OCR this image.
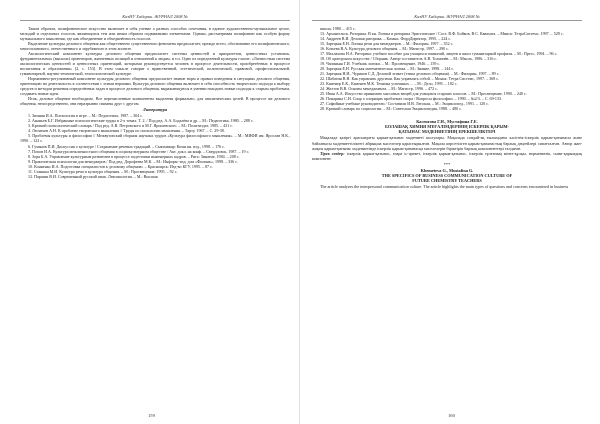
КазНУ Хабарни. ЖУРНАЛ 2008 №

Таким образом, полифоническое искусство включает в себя учение о разных способах сочетания, в единое художественно-музыкальное целое, мелодий и отдельных голосов, являющихся тем или иным образом подвижными элементами. Однако, рассматривая полифонию как особую форму музыкального мышления, где как объединение и объединённость голосов.

Выделение культуры делового общения как общественно существенного феномена предполагает, прежде всего, обоснование его полифонического, многопланового, отечественного и зарубежного в этом аспекте.

Аксиологический компонент культуры делового общения предполагает системы ценностей и приоритетов, ценностных установок, фундаментальных (высших) ориентиров, жизненных позиций и отношений к людям, и т.п. Одно из определений культуры гласит: «Личностная система аксиологических ценностей и ценностных ориентаций, которыми руководствуется человек в процессе деятельности, приобретённых в процессе воспитания и образования» [2, с. 153]. В этом смысле говорят о нравственной, эстетической, политической, правовой, профессиональной, гуманитарной, научно-технической, технологической культуре.

Нормативно-регулятивный компонент культуры делового общения предполагает знание норм и правил поведения в ситуациях делового общения, ориентацию на деятельность в соответствии с этими нормами. Культура делового общения включает в себя способность творческого подхода к выбору средств и методов решения определённых задач в процессе делового общения, выражающуюся в умении находить новые подходы к старым проблемам, создавать новые идеи.

Итак, деловое общение необходимо. Все перечисленные компоненты выделены формально, для аналитических целей. В процессе же делового общения, непосредственно, они неразрывно связаны друг с другом.

Литература

1. Зимняя И.А. Психология в игре. – М.: Педагогика, 1987. – 304 с.

2. Ананьев Б.Г. Избранные психологические труды в 2-х томах. Т. 2. / Под ред. А.А. Бодалёва и др. – М.: Педагогика, 1980. – 288 с.

3. Краткий психологический словарь / Под ред. А.В. Петровского и М.Г. Ярошевского. – М.: Политиздат, 1985. – 431 с.

4. Леонтьев А.Н. К проблеме творческого мышления // Труды по психологии мышления. – Тарту, 1967. – С. 29-38.

5. Проблемы культуры и философии // Межвузовский сборник научных трудов «Культура философского мышления». – М.: МИФИ им. Ярослав Н.К., 1990. – 122 с.

6. Гуманов П.И. Дискуссия о культуре / Сохранение речевых традиций. – Сыктывкар: Коми кн. изд., 1998. – 176 с.

7. Попов И.А. Культура межличностного общения в социокультурном обществе / Акт. докл. на конф. – Свердловск, 1987. – 19 с.

8. Зоря Б.А. Управление культурным развитием в процессе подготовки инженерных кадров. – Рига: Зинатне, 1984. – 208 с.

9. Практическая психология для менеджеров / Под ред. Дорофеева М.К. – М.: Информ.-изд. дом «Филинъ», 1998. – 336 с.

10. Конненко И.А. Подготовка специалистов к деловому общению. – Красноярск: Изд-во КГУ, 1995. – 87 с.

11. Станкин М.И. Культура речи и культура общения. – М.: Просвещение, 1995. – 92 с.

12. Паршин В.И. Современный русский язык. Лексикология. – М.: Высшая

159
КазНУ Хабарни. ЖУРНАЛ 2008 №

школа, 1980. – 415 с.

13. Архангельск. Риторика. В кн. Логика и риторика Эристическое / Сост. В.Ф. Бойков, В.С. Кавахата. – Минск: ТетраСистемс, 1997. – 528 с.

14. Андреев В.И. Деловая риторика. – Казань: ФордДиректор, 1995. – 224 с.

15. Зарецкая Е.Н. Логика речи для менеджеров. – М.: Филорин, 1997. – 352 с.

16. Козьева В.А. Культура делового общения. – М.: Магистр, 1997. – 290 с.

17. Махлахова Н.А. Риторика: учебное пособие для учащихся гимназий, лицеев и школ гуманитарной профиля. – М.: Пресс, 1994. – 96 с.

18. Об ораторском искусстве / Сборник. Автор-составитель А.В. Толмачёв. – М.: Мысль, 1986. – 316 с.

19. Чапиньян Г.И. Учебник логики. – М.: Просвещение, 1946. – 159 с.

20. Зарецкая Е.Н. Русская математическая логика. – М.: Знание, 1998. – 144 с.

21. Зарецкая Н.И., Чуриков С.Д. Деловой этикет (этика делового общения). – М.: Филорин, 1997. – 89 с.

22. Шабатин В.Н. Как управлять другими. Как управлять собой. – Минск: Тетра Системс, 1997. – 368 с.

23. Каменер Е.К., Каменев М.К. Техника успешных ... – М.: Дело, 1995. – 182 с.

24. Желтов В.В. Основы менеджмента. – М.: Магистр, 1996. – 472 с.

25. Иван А.А. Искусство принимать массовых вещей для учащихся старших классов. – М.: Просвещение, 1990. – 240 с.

26. Понарина С.Н. Спор о спорящих проблемах спора / Вопросы философии. – 1990. – №2/3. – С. 69-133.

27. Софийные учебные руководители / Составили И.В. Лепская, – М.: Энциклопед., 1991. – 120 с.

28. Краткий словарь по социологии. – М.: Советская Энциклопедия, 1988. – 480 с.

Касенгова Г.Н., Мустафина Г.Е.
БОЛАШАҚ ХИМИЯ МҰҒАЛІМДЕРІНІҢ ІСКЕРЛІК ҚАРЫМ-
ҚАТЫНАС МӘДЕНИЕТІНІҢ ЕРЕКШЕЛІКТЕРІ

Мақалада қазіргі арасындағы қарым-қатынас мәдениеті шолулары. Мақалада сондай-ақ ғылымдағы кәсіптік-іскерлік қарым-қатынасы және байланысы мәдениеттіліктегі айрықша мәселелер қарастырылған. Мақала көрсетілген қарым-қатынастың барлық деңгейлері сипатталған. Автор жан-жақты қарым-қатынас мәдениетінде іскерлік қарым-қатынасқа мәселелерін біріктіріп барлық компоненттері талдаған.

Тірек сөздер: іскерлік қарым-қатынас, өзара іс-әрекет, іскерлік қарым-қатынас, іскерлік тұлғаның мінез-құлқы, нормативтік, сыни-қарымдық компонент.

***
Khemeteva G., Mustafina G.
THE SPECIFICS OF BUSINESS COMMUNICATION CULTURE OF
FUTURE CHEMISTRY TEACHERS

The article analyzes the interpersonal communication culture. The article highlights the main types of questions and concerns encountered in business

160
